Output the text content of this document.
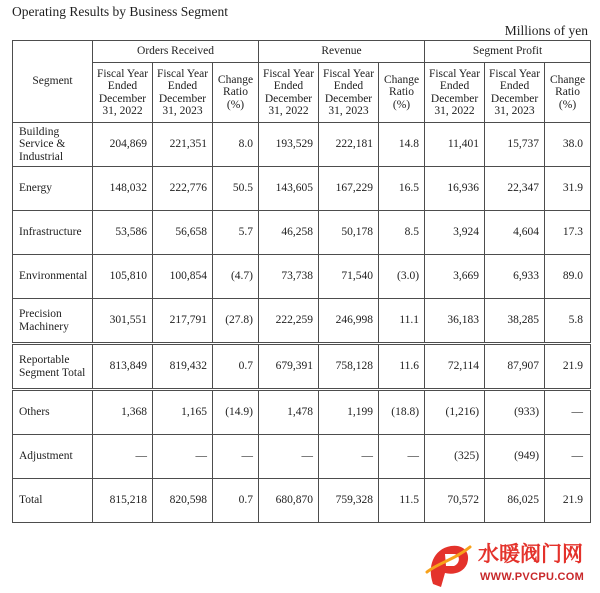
Operating Results by Business Segment
Millions of yen
Segment	Orders Received			Revenue			Segment Profit		
	Fiscal Year
Ended
December
31, 2022	Fiscal Year
Ended
December
31, 2023	Change
Ratio
(%)	Fiscal Year
Ended
December
31, 2022	Fiscal Year
Ended
December
31, 2023	Change
Ratio
(%)	Fiscal Year
Ended
December
31, 2022	Fiscal Year
Ended
December
31, 2023	Change
Ratio
(%)
Building
Service &
Industrial	204,869	221,351	8.0	193,529	222,181	14.8	11,401	15,737	38.0
Energy	148,032	222,776	50.5	143,605	167,229	16.5	16,936	22,347	31.9
Infrastructure	53,586	56,658	5.7	46,258	50,178	8.5	3,924	4,604	17.3
Environmental	105,810	100,854	(4.7)	73,738	71,540	(3.0)	3,669	6,933	89.0
Precision
Machinery	301,551	217,791	(27.8)	222,259	246,998	11.1	36,183	38,285	5.8
Reportable
Segment Total	813,849	819,432	0.7	679,391	758,128	11.6	72,114	87,907	21.9
Others	1,368	1,165	(14.9)	1,478	1,199	(18.8)	(1,216)	(933)	—
Adjustment	—	—	—	—	—	—	(325)	(949)	—
Total	815,218	820,598	0.7	680,870	759,328	11.5	70,572	86,025	21.9
水暖阀门网
WWW.PVCPU.COM
